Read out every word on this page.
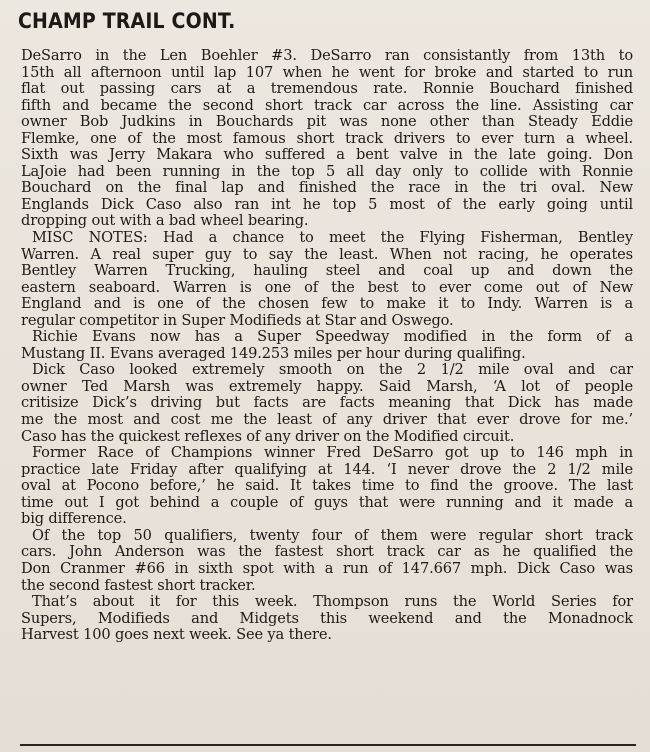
CHAMP TRAIL CONT.
DeSarro in the Len Boehler #3. DeSarro ran consistantly from 13th to
15th all afternoon until lap 107 when he went for broke and started to run
flat out passing cars at a tremendous rate. Ronnie Bouchard finished
fifth and became the second short track car across the line. Assisting car
owner Bob Judkins in Bouchards pit was none other than Steady Eddie
Flemke, one of the most famous short track drivers to ever turn a wheel.
Sixth was Jerry Makara who suffered a bent valve in the late going. Don
LaJoie had been running in the top 5 all day only to collide with Ronnie
Bouchard on the final lap and finished the race in the tri oval. New
Englands Dick Caso also ran int he top 5 most of the early going until
dropping out with a bad wheel bearing.
MISC NOTES: Had a chance to meet the Flying Fisherman, Bentley
Warren. A real super guy to say the least. When not racing, he operates
Bentley Warren Trucking, hauling steel and coal up and down the
eastern seaboard. Warren is one of the best to ever come out of New
England and is one of the chosen few to make it to Indy. Warren is a
regular competitor in Super Modifieds at Star and Oswego.
Richie Evans now has a Super Speedway modified in the form of a
Mustang II. Evans averaged 149.253 miles per hour during qualifing.
Dick Caso looked extremely smooth on the 2 1/2 mile oval and car
owner Ted Marsh was extremely happy. Said Marsh, ‘A lot of people
critisize Dick’s driving but facts are facts meaning that Dick has made
me the most and cost me the least of any driver that ever drove for me.’
Caso has the quickest reflexes of any driver on the Modified circuit.
Former Race of Champions winner Fred DeSarro got up to 146 mph in
practice late Friday after qualifying at 144. ‘I never drove the 2 1/2 mile
oval at Pocono before,’ he said. It takes time to find the groove. The last
time out I got behind a couple of guys that were running and it made a
big difference.
Of the top 50 qualifiers, twenty four of them were regular short track
cars. John Anderson was the fastest short track car as he qualified the
Don Cranmer #66 in sixth spot with a run of 147.667 mph. Dick Caso was
the second fastest short tracker.
That’s about it for this week. Thompson runs the World Series for
Supers, Modifieds and Midgets this weekend and the Monadnock
Harvest 100 goes next week. See ya there.
